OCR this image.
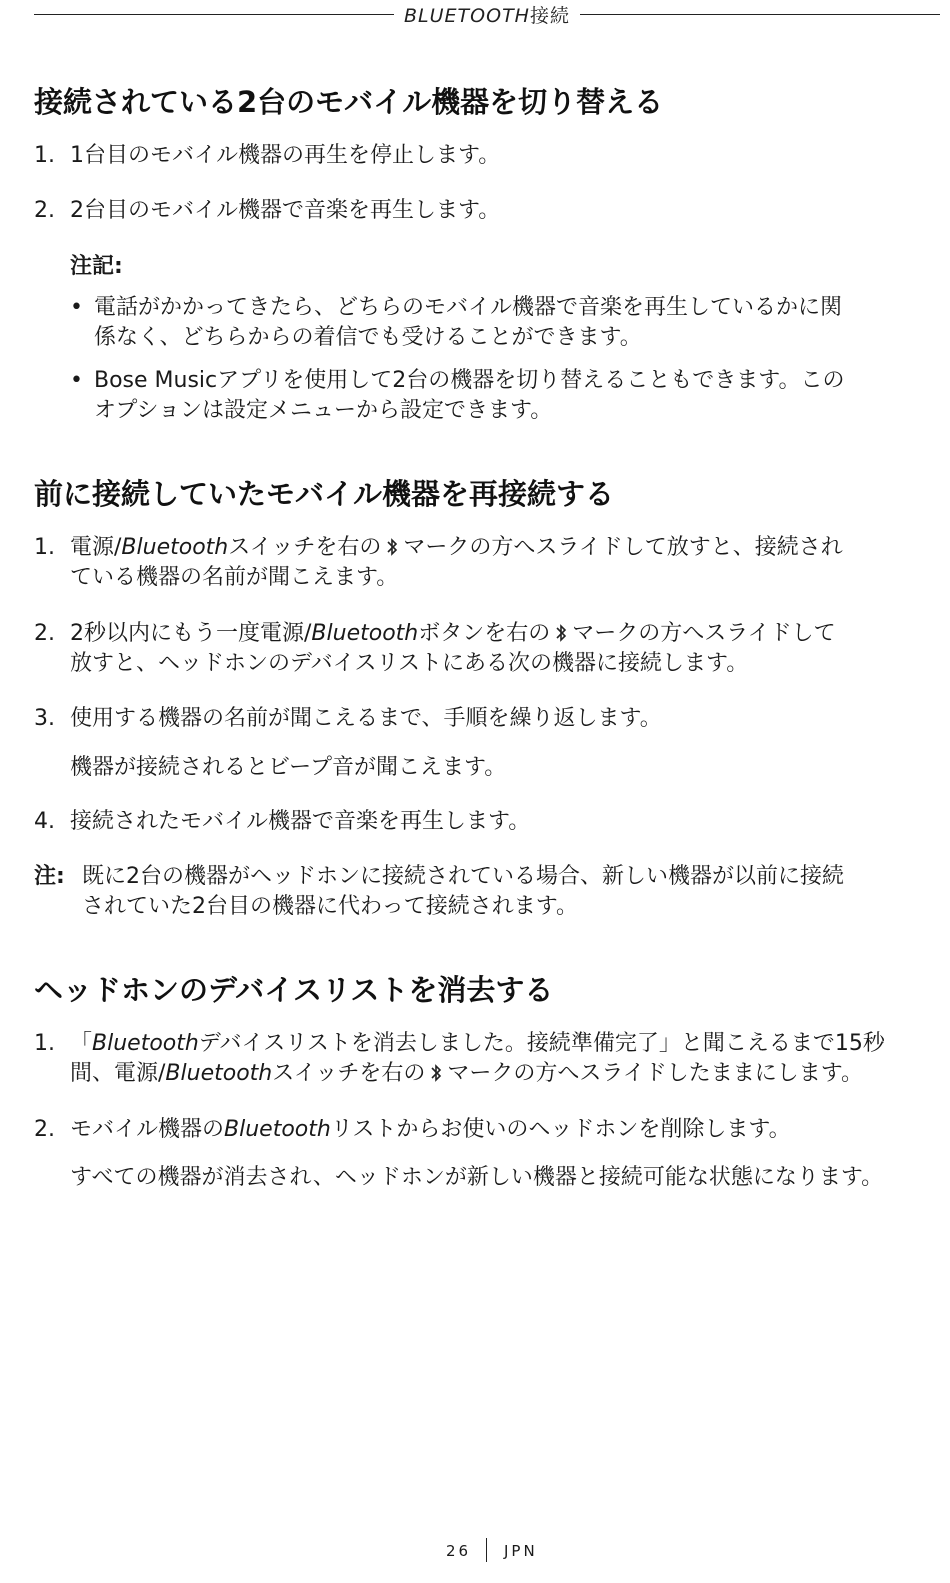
BLUETOOTH接続
接続されている2台のモバイル機器を切り替える
1. 1台目のモバイル機器の再生を停止します。
2. 2台目のモバイル機器で音楽を再生します。
注記:
• 電話がかかってきたら、どちらのモバイル機器で音楽を再生しているかに関
係なく、どちらからの着信でも受けることができます。
• Bose Musicアプリを使用して2台の機器を切り替えることもできます。この
オプションは設定メニューから設定できます。
前に接続していたモバイル機器を再接続する
1. 電源/Bluetoothスイッチを右の マークの方へスライドして放すと、接続され
ている機器の名前が聞こえます。
2. 2秒以内にもう一度電源/Bluetoothボタンを右の マークの方へスライドして
放すと、ヘッドホンのデバイスリストにある次の機器に接続します。
3. 使用する機器の名前が聞こえるまで、手順を繰り返します。
機器が接続されるとビープ音が聞こえます。
4. 接続されたモバイル機器で音楽を再生します。
注: 既に2台の機器がヘッドホンに接続されている場合、新しい機器が以前に接続
されていた2台目の機器に代わって接続されます。
ヘッドホンのデバイスリストを消去する
1. 「Bluetoothデバイスリストを消去しました。接続準備完了」と聞こえるまで15秒
間、電源/Bluetoothスイッチを右の マークの方へスライドしたままにします。
2. モバイル機器のBluetoothリストからお使いのヘッドホンを削除します。
すべての機器が消去され、ヘッドホンが新しい機器と接続可能な状態になります。
26 JPN
